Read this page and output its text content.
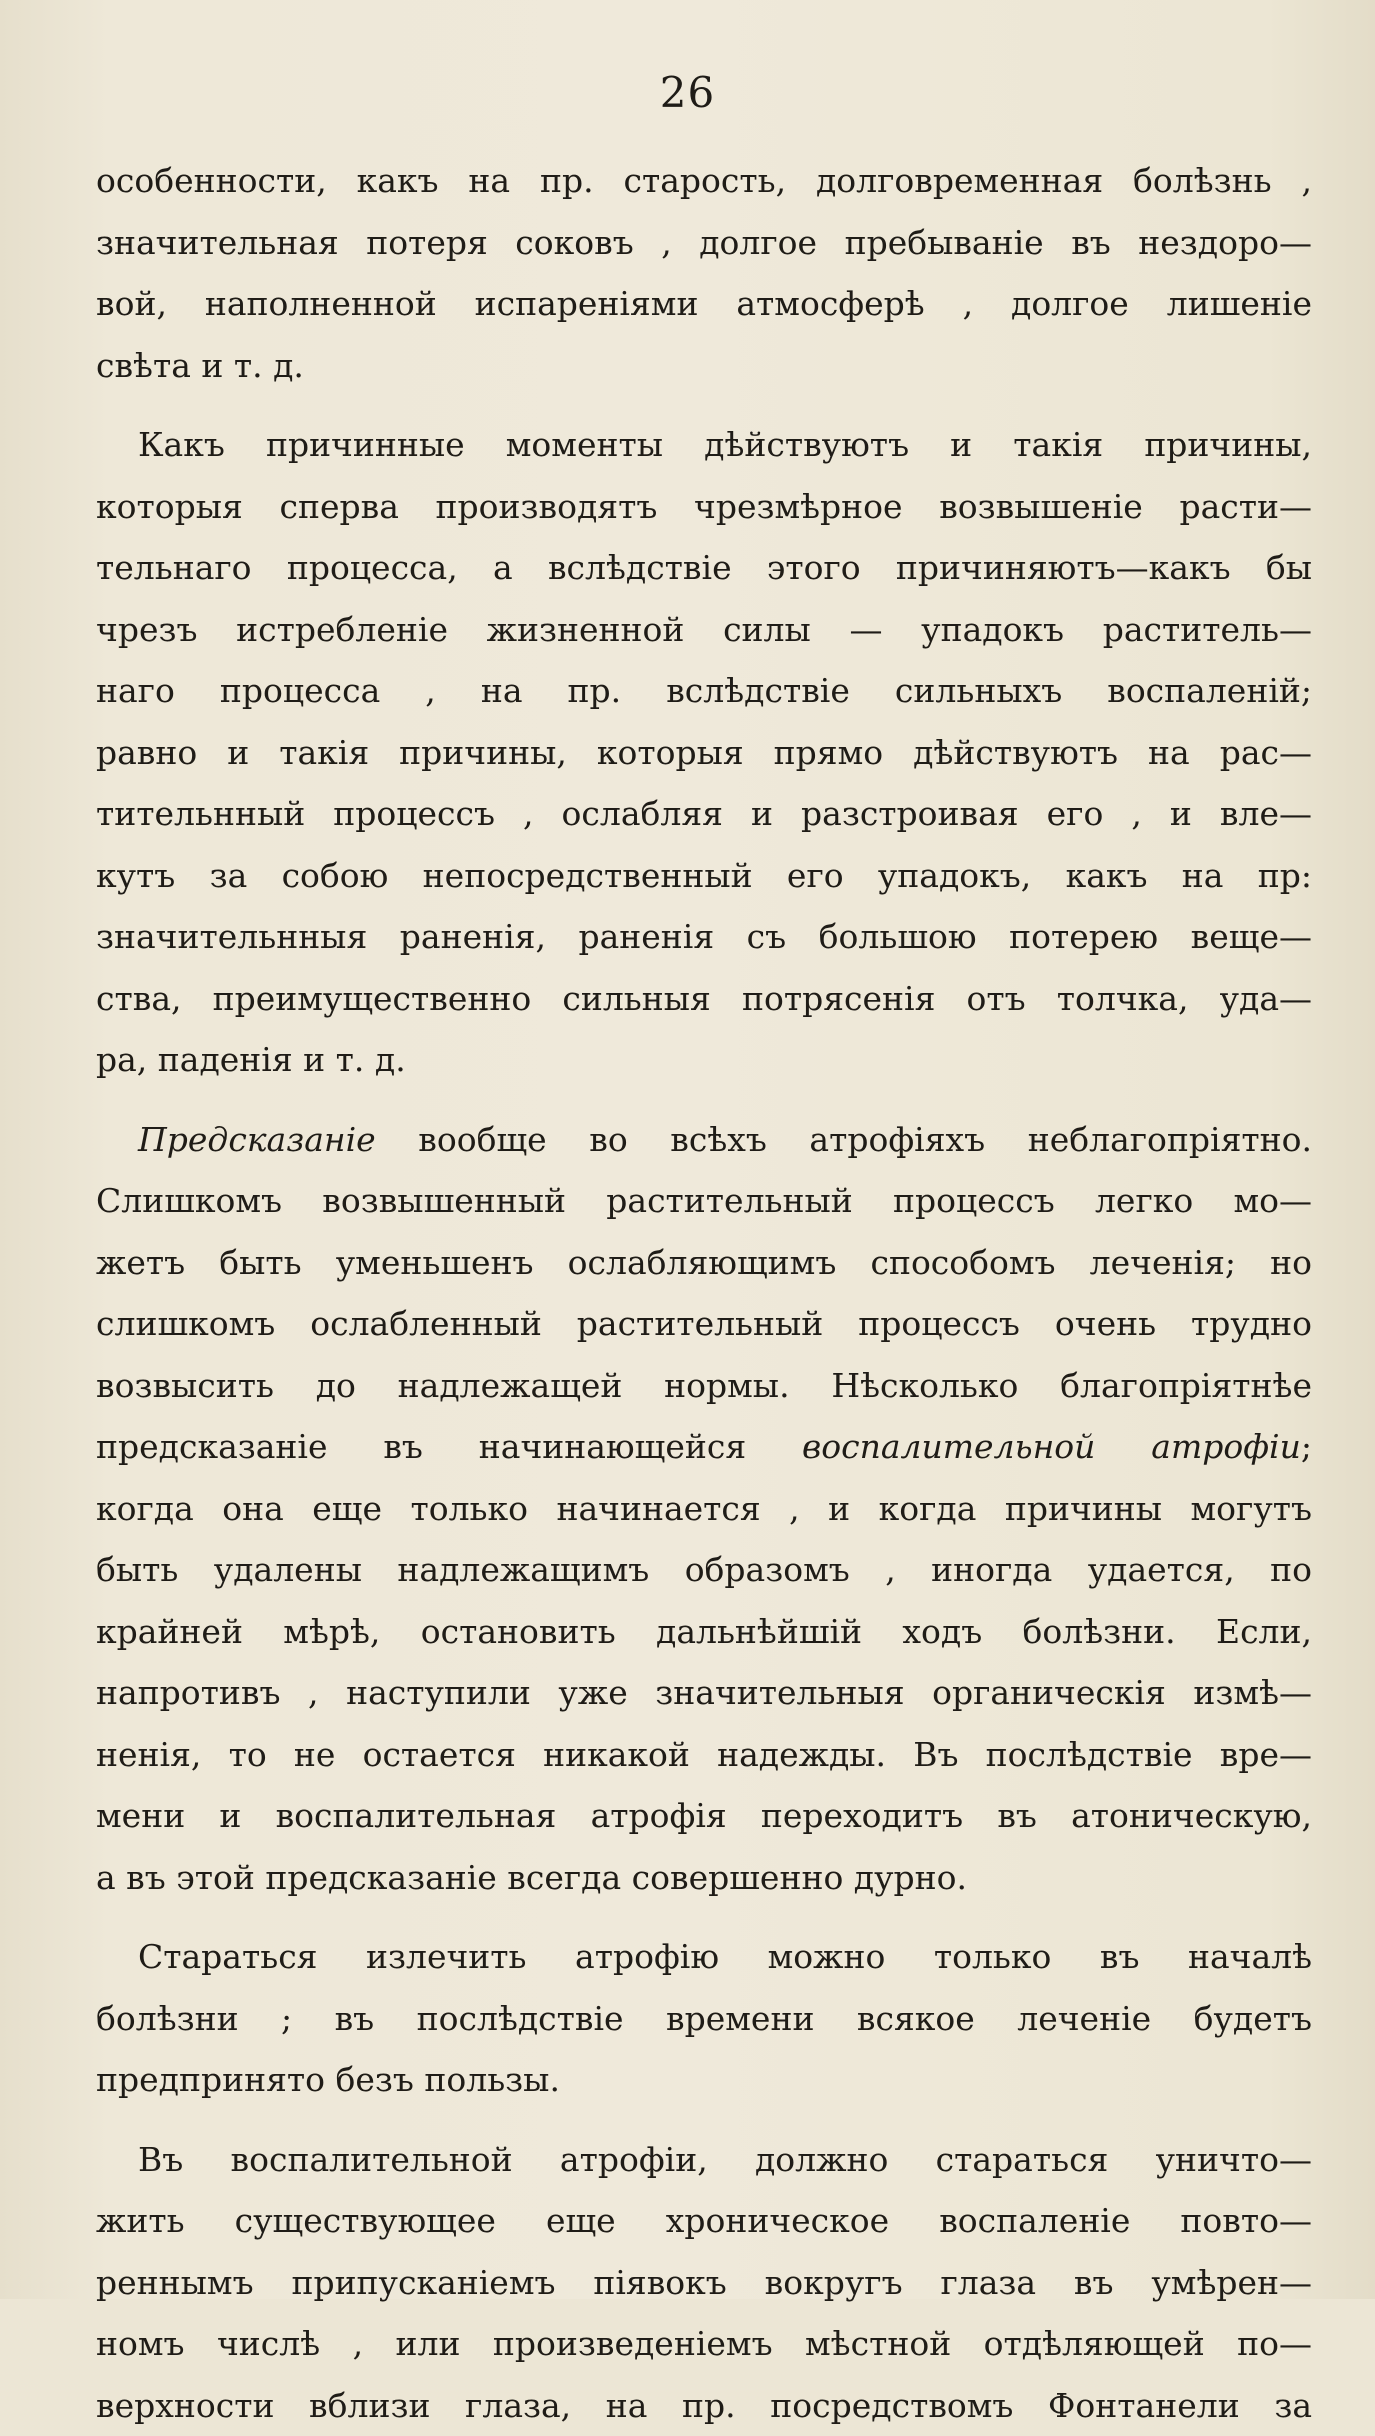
26
особенности, какъ на пр. старость, долговременная болѣзнь ,
значительная потеря соковъ , долгое пребываніе въ нездоро—
вой, наполненной испареніями атмосферѣ , долгое лишеніе
свѣта и т. д.
Какъ причинные моменты дѣйствуютъ и такія причины,
которыя сперва производятъ чрезмѣрное возвышеніе расти—
тельнаго процесса, а вслѣдствіе этого причиняютъ—какъ бы
чрезъ истребленіе жизненной силы — упадокъ раститель—
наго процесса , на пр. вслѣдствіе сильныхъ воспаленій;
равно и такія причины, которыя прямо дѣйствуютъ на рас—
тительнный процессъ , ослабляя и разстроивая его , и вле—
кутъ за собою непосредственный его упадокъ, какъ на пр:
значительнныя раненія, раненія съ большою потерею веще—
ства, преимущественно сильныя потрясенія отъ толчка, уда—
ра, паденія и т. д.
Предсказаніе вообще во всѣхъ атрофіяхъ неблагопріятно.
Слишкомъ возвышенный растительный процессъ легко мо—
жетъ быть уменьшенъ ослабляющимъ способомъ леченія; но
слишкомъ ослабленный растительный процессъ очень трудно
возвысить до надлежащей нормы. Нѣсколько благопріятнѣе
предсказаніе въ начинающейся воспалительной атрофіи;
когда она еще только начинается , и когда причины могутъ
быть удалены надлежащимъ образомъ , иногда удается, по
крайней мѣрѣ, остановить дальнѣйшій ходъ болѣзни. Если,
напротивъ , наступили уже значительныя органическія измѣ—
ненія, то не остается никакой надежды. Въ послѣдствіе вре—
мени и воспалительная атрофія переходитъ въ атоническую,
а въ этой предсказаніе всегда совершенно дурно.
Стараться излечить атрофію можно только въ началѣ
болѣзни ; въ послѣдствіе времени всякое леченіе будетъ
предпринято безъ пользы.
Въ воспалительной атрофіи, должно стараться уничто—
жить существующее еще хроническое воспаленіе повто—
реннымъ припусканіемъ піявокъ вокругъ глаза въ умѣрен—
номъ числѣ , или произведеніемъ мѣстной отдѣляющей по—
верхности вблизи глаза, на пр. посредствомъ Фонтанели за
